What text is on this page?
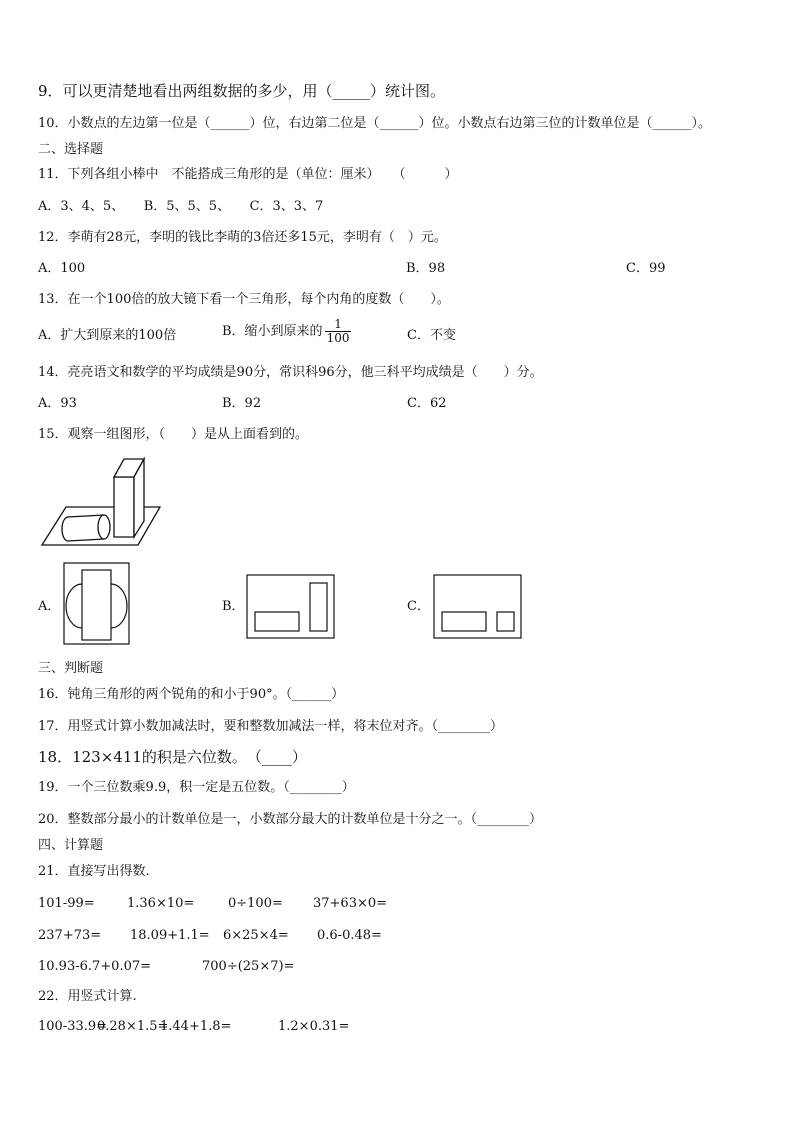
9．可以更清楚地看出两组数据的多少，用（_____）统计图。
10．小数点的左边第一位是（______）位，右边第二位是（______）位。小数点右边第三位的计数单位是（______）。
二、选择题
11．下列各组小棒中　不能搭成三角形的是（单位：厘米）　　（　　　）
A．3、4、5、　　B．5、5、5、　　C．3、3、7
12．李萌有28元，李明的钱比李萌的3倍还多15元，李明有（　）元。
A．100	B．98	C．99
13．在一个100倍的放大镜下看一个三角形，每个内角的度数（　　）。
A．扩大到原来的100倍	B．缩小到原来的 $\frac{1}{100}$	C．不变
14．亮亮语文和数学的平均成绩是90分，常识科96分，他三科平均成绩是（　　）分。
A．93	B．92	C．62
15．观察一组图形，（　　）是从上面看到的。
A．	B．	C．
三、判断题
16．钝角三角形的两个锐角的和小于90°。（______）
17．用竖式计算小数加减法时，要和整数加减法一样，将末位对齐。（________）
18．123×411的积是六位数。　（____）
19．一个三位数乘9.9，积一定是五位数。（________）
20．整数部分最小的计数单位是一，小数部分最大的计数单位是十分之一。（________）
四、计算题
21．直接写出得数.
101-99= 1.36×10=	0÷100= 37+63×0=
237+73= 18.09+1.1= 6×25×4= 0.6-0.48=
10.93-6.7+0.07=	700÷(25×7)=
22．用竖式计算.
100-33.9=
0.28×1.5=
1.44+1.8=	1.2×0.31=
